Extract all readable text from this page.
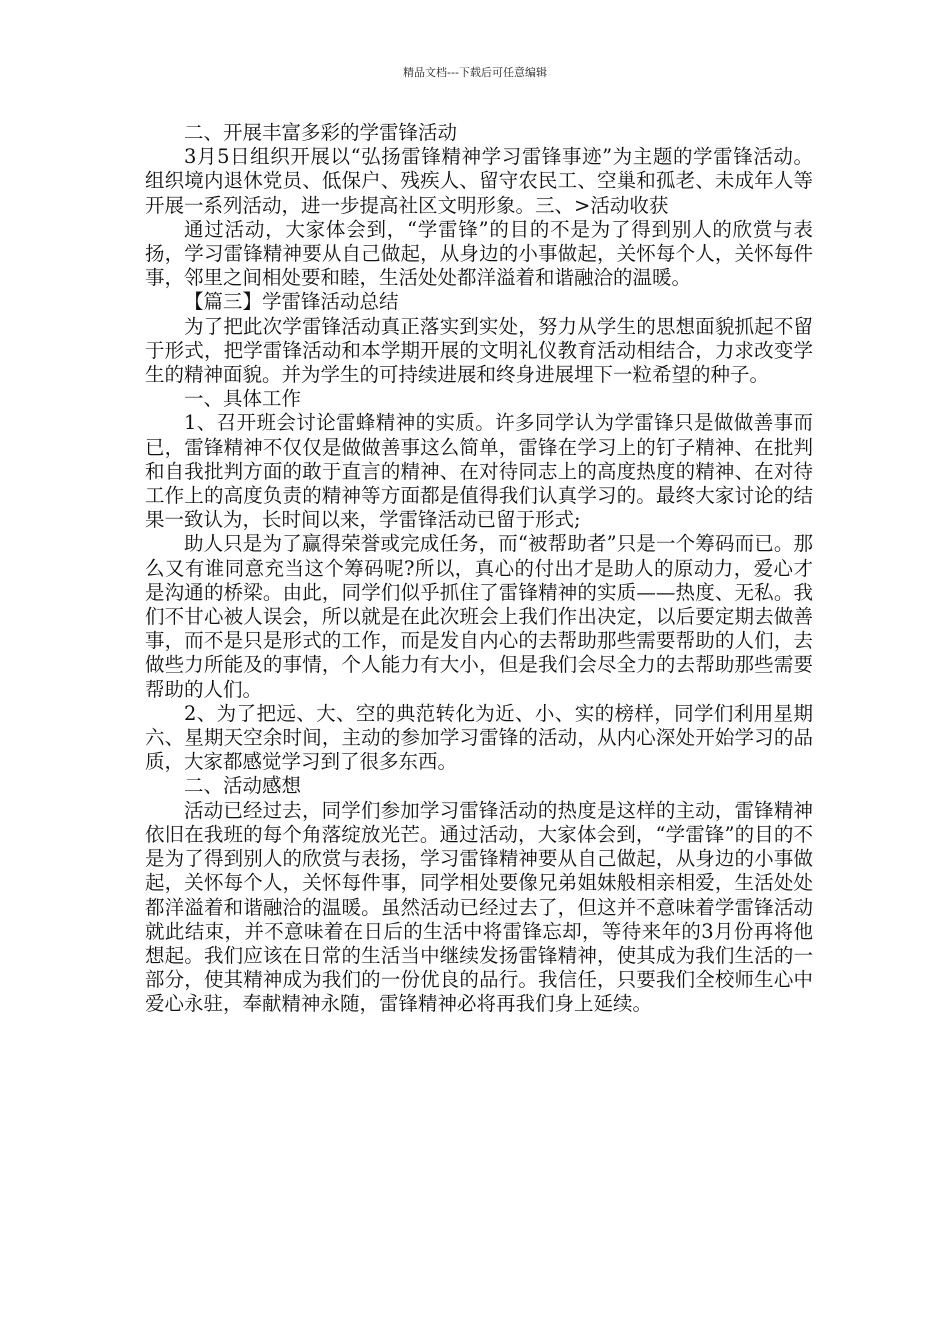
精品文档---下载后可任意编辑

二、开展丰富多彩的学雷锋活动

3月5日组织开展以“弘扬雷锋精神学习雷锋事迹”为主题的学雷锋活动。组织境内退休党员、低保户、残疾人、留守农民工、空巢和孤老、未成年人等开展一系列活动，进一步提高社区文明形象。三、>活动收获

通过活动，大家体会到，“学雷锋”的目的不是为了得到别人的欣赏与表扬，学习雷锋精神要从自己做起，从身边的小事做起，关怀每个人，关怀每件事，邻里之间相处要和睦，生活处处都洋溢着和谐融洽的温暖。

【篇三】学雷锋活动总结

为了把此次学雷锋活动真正落实到实处，努力从学生的思想面貌抓起不留于形式，把学雷锋活动和本学期开展的文明礼仪教育活动相结合，力求改变学生的精神面貌。并为学生的可持续进展和终身进展埋下一粒希望的种子。

一、具体工作

1、召开班会讨论雷蜂精神的实质。许多同学认为学雷锋只是做做善事而已，雷锋精神不仅仅是做做善事这么简单，雷锋在学习上的钉子精神、在批判和自我批判方面的敢于直言的精神、在对待同志上的高度热度的精神、在对待工作上的高度负责的精神等方面都是值得我们认真学习的。最终大家讨论的结果一致认为，长时间以来，学雷锋活动已留于形式;

助人只是为了赢得荣誉或完成任务，而“被帮助者”只是一个筹码而已。那么又有谁同意充当这个筹码呢?所以，真心的付出才是助人的原动力，爱心才是沟通的桥梁。由此，同学们似乎抓住了雷锋精神的实质——热度、无私。我们不甘心被人误会，所以就是在此次班会上我们作出决定，以后要定期去做善事，而不是只是形式的工作，而是发自内心的去帮助那些需要帮助的人们，去做些力所能及的事情，个人能力有大小，但是我们会尽全力的去帮助那些需要帮助的人们。

2、为了把远、大、空的典范转化为近、小、实的榜样，同学们利用星期六、星期天空余时间，主动的参加学习雷锋的活动，从内心深处开始学习的品质，大家都感觉学习到了很多东西。

二、活动感想

活动已经过去，同学们参加学习雷锋活动的热度是这样的主动，雷锋精神依旧在我班的每个角落绽放光芒。通过活动，大家体会到，“学雷锋”的目的不是为了得到别人的欣赏与表扬，学习雷锋精神要从自己做起，从身边的小事做起，关怀每个人，关怀每件事，同学相处要像兄弟姐妹般相亲相爱，生活处处都洋溢着和谐融洽的温暖。虽然活动已经过去了，但这并不意味着学雷锋活动就此结束，并不意味着在日后的生活中将雷锋忘却，等待来年的3月份再将他想起。我们应该在日常的生活当中继续发扬雷锋精神，使其成为我们生活的一部分，使其精神成为我们的一份优良的品行。我信任，只要我们全校师生心中爱心永驻，奉献精神永随，雷锋精神必将再我们身上延续。
